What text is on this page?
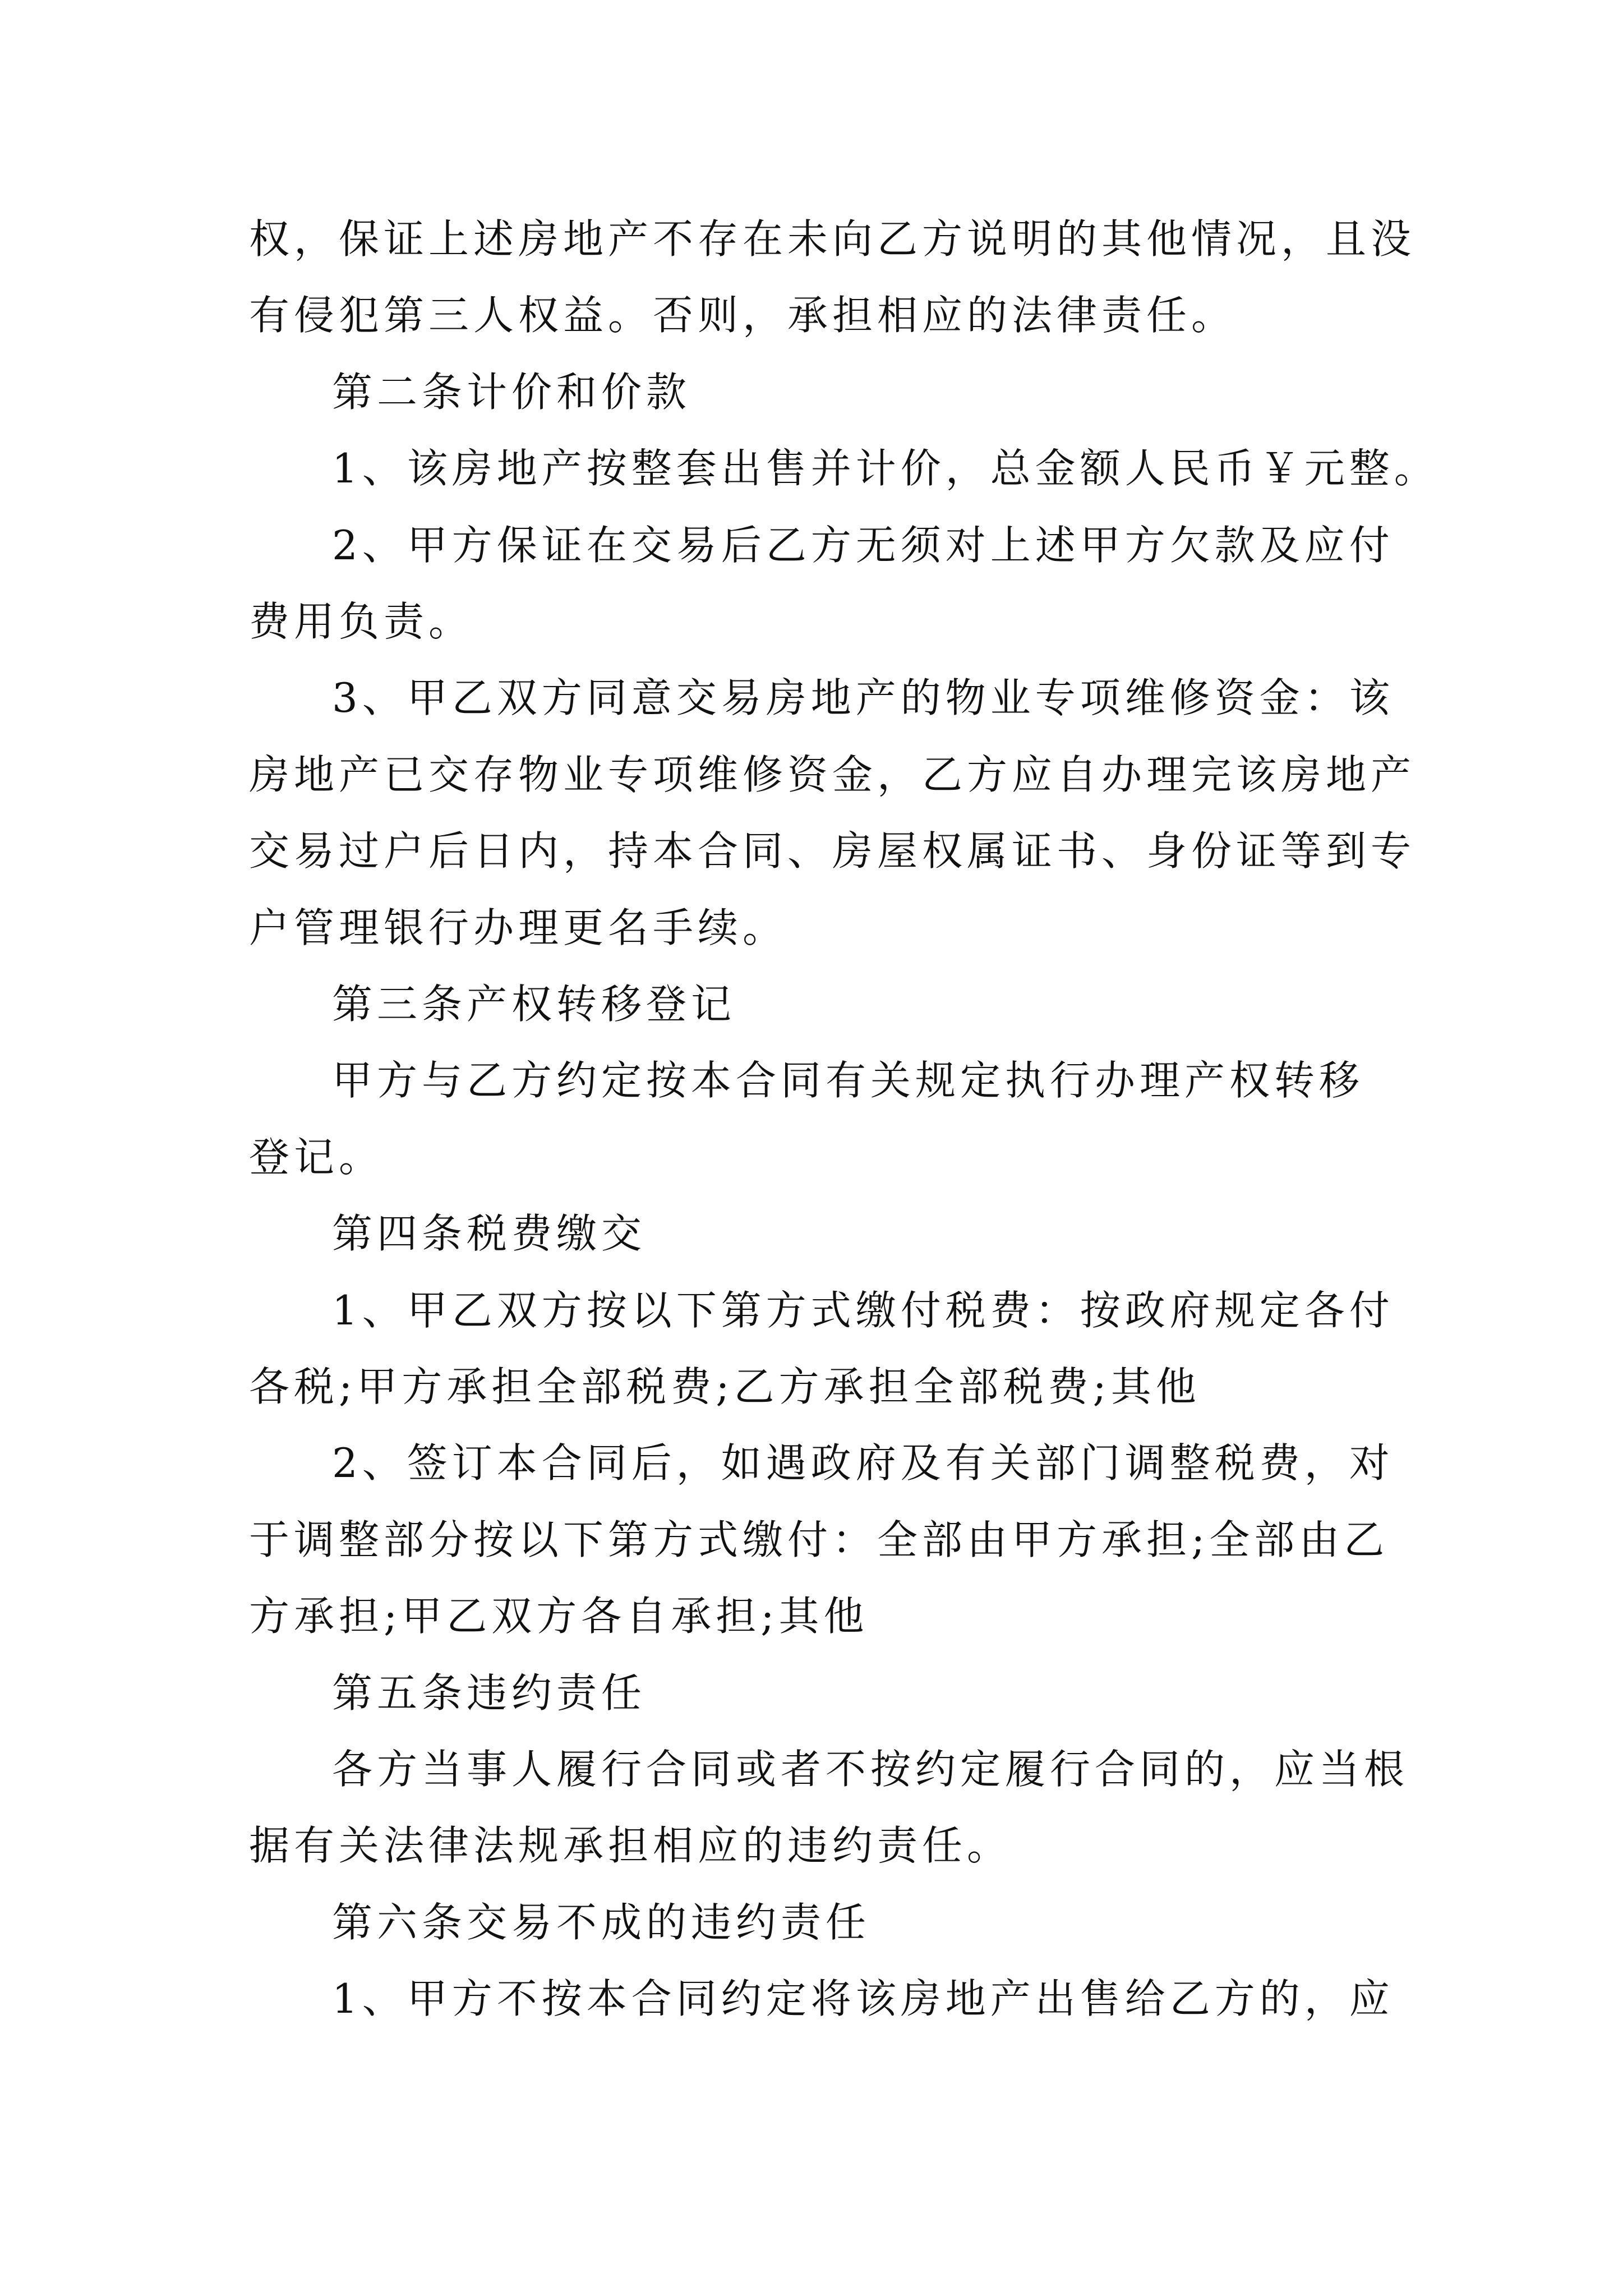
权，保证上述房地产不存在未向乙方说明的其他情况，且没
有侵犯第三人权益。否则，承担相应的法律责任。
第二条计价和价款
1、该房地产按整套出售并计价，总金额人民币￥元整。
2、甲方保证在交易后乙方无须对上述甲方欠款及应付
费用负责。
3、甲乙双方同意交易房地产的物业专项维修资金：该
房地产已交存物业专项维修资金，乙方应自办理完该房地产
交易过户后日内，持本合同、房屋权属证书、身份证等到专
户管理银行办理更名手续。
第三条产权转移登记
甲方与乙方约定按本合同有关规定执行办理产权转移
登记。
第四条税费缴交
1、甲乙双方按以下第方式缴付税费：按政府规定各付
各税;甲方承担全部税费;乙方承担全部税费;其他
2、签订本合同后，如遇政府及有关部门调整税费，对
于调整部分按以下第方式缴付：全部由甲方承担;全部由乙
方承担;甲乙双方各自承担;其他
第五条违约责任
各方当事人履行合同或者不按约定履行合同的，应当根
据有关法律法规承担相应的违约责任。
第六条交易不成的违约责任
1、甲方不按本合同约定将该房地产出售给乙方的，应
